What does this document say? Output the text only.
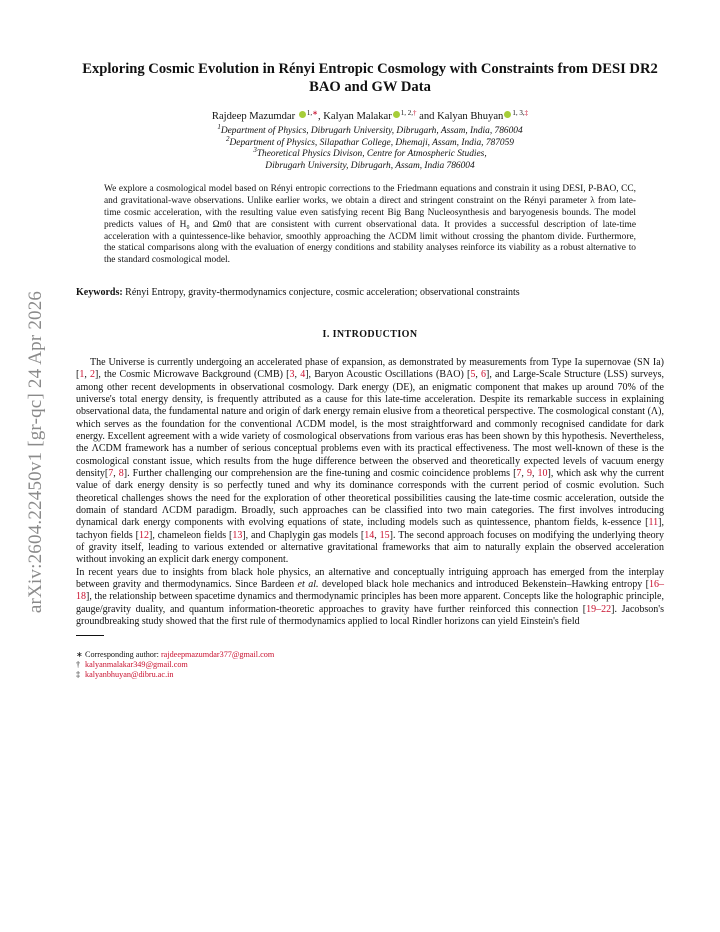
arXiv:2604.22450v1 [gr-qc] 24 Apr 2026
Exploring Cosmic Evolution in Rényi Entropic Cosmology with Constraints from DESI DR2 BAO and GW Data
Rajdeep Mazumdar $^{1,∗}$, Kalyan Malakar $^{1, 2,\dagger}$ and Kalyan Bhuyan $^{1, 3,\ddagger}$
$^1$Department of Physics, Dibrugarh University, Dibrugarh, Assam, India, 786004
$^2$Department of Physics, Silapathar College, Dhemaji, Assam, India, 787059
$^3$Theoretical Physics Divison, Centre for Atmospheric Studies,
Dibrugarh University, Dibrugarh, Assam, India 786004
We explore a cosmological model based on Rényi entropic corrections to the Friedmann equations and constrain it using DESI, P-BAO, CC, and gravitational-wave observations. Unlike earlier works, we obtain a direct and stringent constraint on the Rényi parameter λ from late-time cosmic acceleration, with the resulting value even satisfying recent Big Bang Nucleosynthesis and baryogenesis bounds. The model predicts values of H₀ and Ωm0 that are consistent with current observational data. It provides a successful description of late-time acceleration with a quintessence-like behavior, smoothly approaching the ΛCDM limit without crossing the phantom divide. Furthermore, the statical comparisons along with the evaluation of energy conditions and stability analyses reinforce its viability as a robust alternative to the standard cosmological model.
Keywords: Rényi Entropy, gravity-thermodynamics conjecture, cosmic acceleration; observational constraints
I. INTRODUCTION

The Universe is currently undergoing an accelerated phase of expansion, as demonstrated by measurements from Type Ia supernovae (SN Ia) [1, 2], the Cosmic Microwave Background (CMB) [3, 4], Baryon Acoustic Oscillations (BAO) [5, 6], and Large-Scale Structure (LSS) surveys, among other recent developments in observational cosmology. Dark energy (DE), an enigmatic component that makes up around 70% of the universe's total energy density, is frequently attributed as a cause for this late-time acceleration. Despite its remarkable success in explaining observational data, the fundamental nature and origin of dark energy remain elusive from a theoretical perspective. The cosmological constant (Λ), which serves as the foundation for the conventional ΛCDM model, is the most straightforward and commonly recognised candidate for dark energy. Excellent agreement with a wide variety of cosmological observations from various eras has been shown by this hypothesis. Nevertheless, the ΛCDM framework has a number of serious conceptual problems even with its practical effectiveness. The most well-known of these is the cosmological constant issue, which results from the huge difference between the observed and theoretically expected levels of vacuum energy density[7, 8]. Further challenging our comprehension are the fine-tuning and cosmic coincidence problems [7, 9, 10], which ask why the current value of dark energy density is so perfectly tuned and why its dominance corresponds with the current period of cosmic evolution. Such theoretical challenges shows the need for the exploration of other theoretical possibilities causing the late-time cosmic acceleration, outside the domain of standard ΛCDM paradigm. Broadly, such approaches can be classified into two main categories. The first involves introducing dynamical dark energy components with evolving equations of state, including models such as quintessence, phantom fields, k-essence [11], tachyon fields [12], chameleon fields [13], and Chaplygin gas models [14, 15]. The second approach focuses on modifying the underlying theory of gravity itself, leading to various extended or alternative gravitational frameworks that aim to naturally explain the observed acceleration without invoking an explicit dark energy component.

In recent years due to insights from black hole physics, an alternative and conceptually intriguing approach has emerged from the interplay between gravity and thermodynamics. Since Bardeen et al. developed black hole mechanics and introduced Bekenstein–Hawking entropy [16–18], the relationship between spacetime dynamics and thermodynamic principles has been more apparent. Concepts like the holographic principle, gauge/gravity duality, and quantum information-theoretic approaches to gravity have further reinforced this connection [19–22]. Jacobson's groundbreaking study showed that the first rule of thermodynamics applied to local Rindler horizons can yield Einstein's field

∗ Corresponding author: rajdeepmazumdar377@gmail.com
† kalyanmalakar349@gmail.com
‡ kalyanbhuyan@dibru.ac.in
